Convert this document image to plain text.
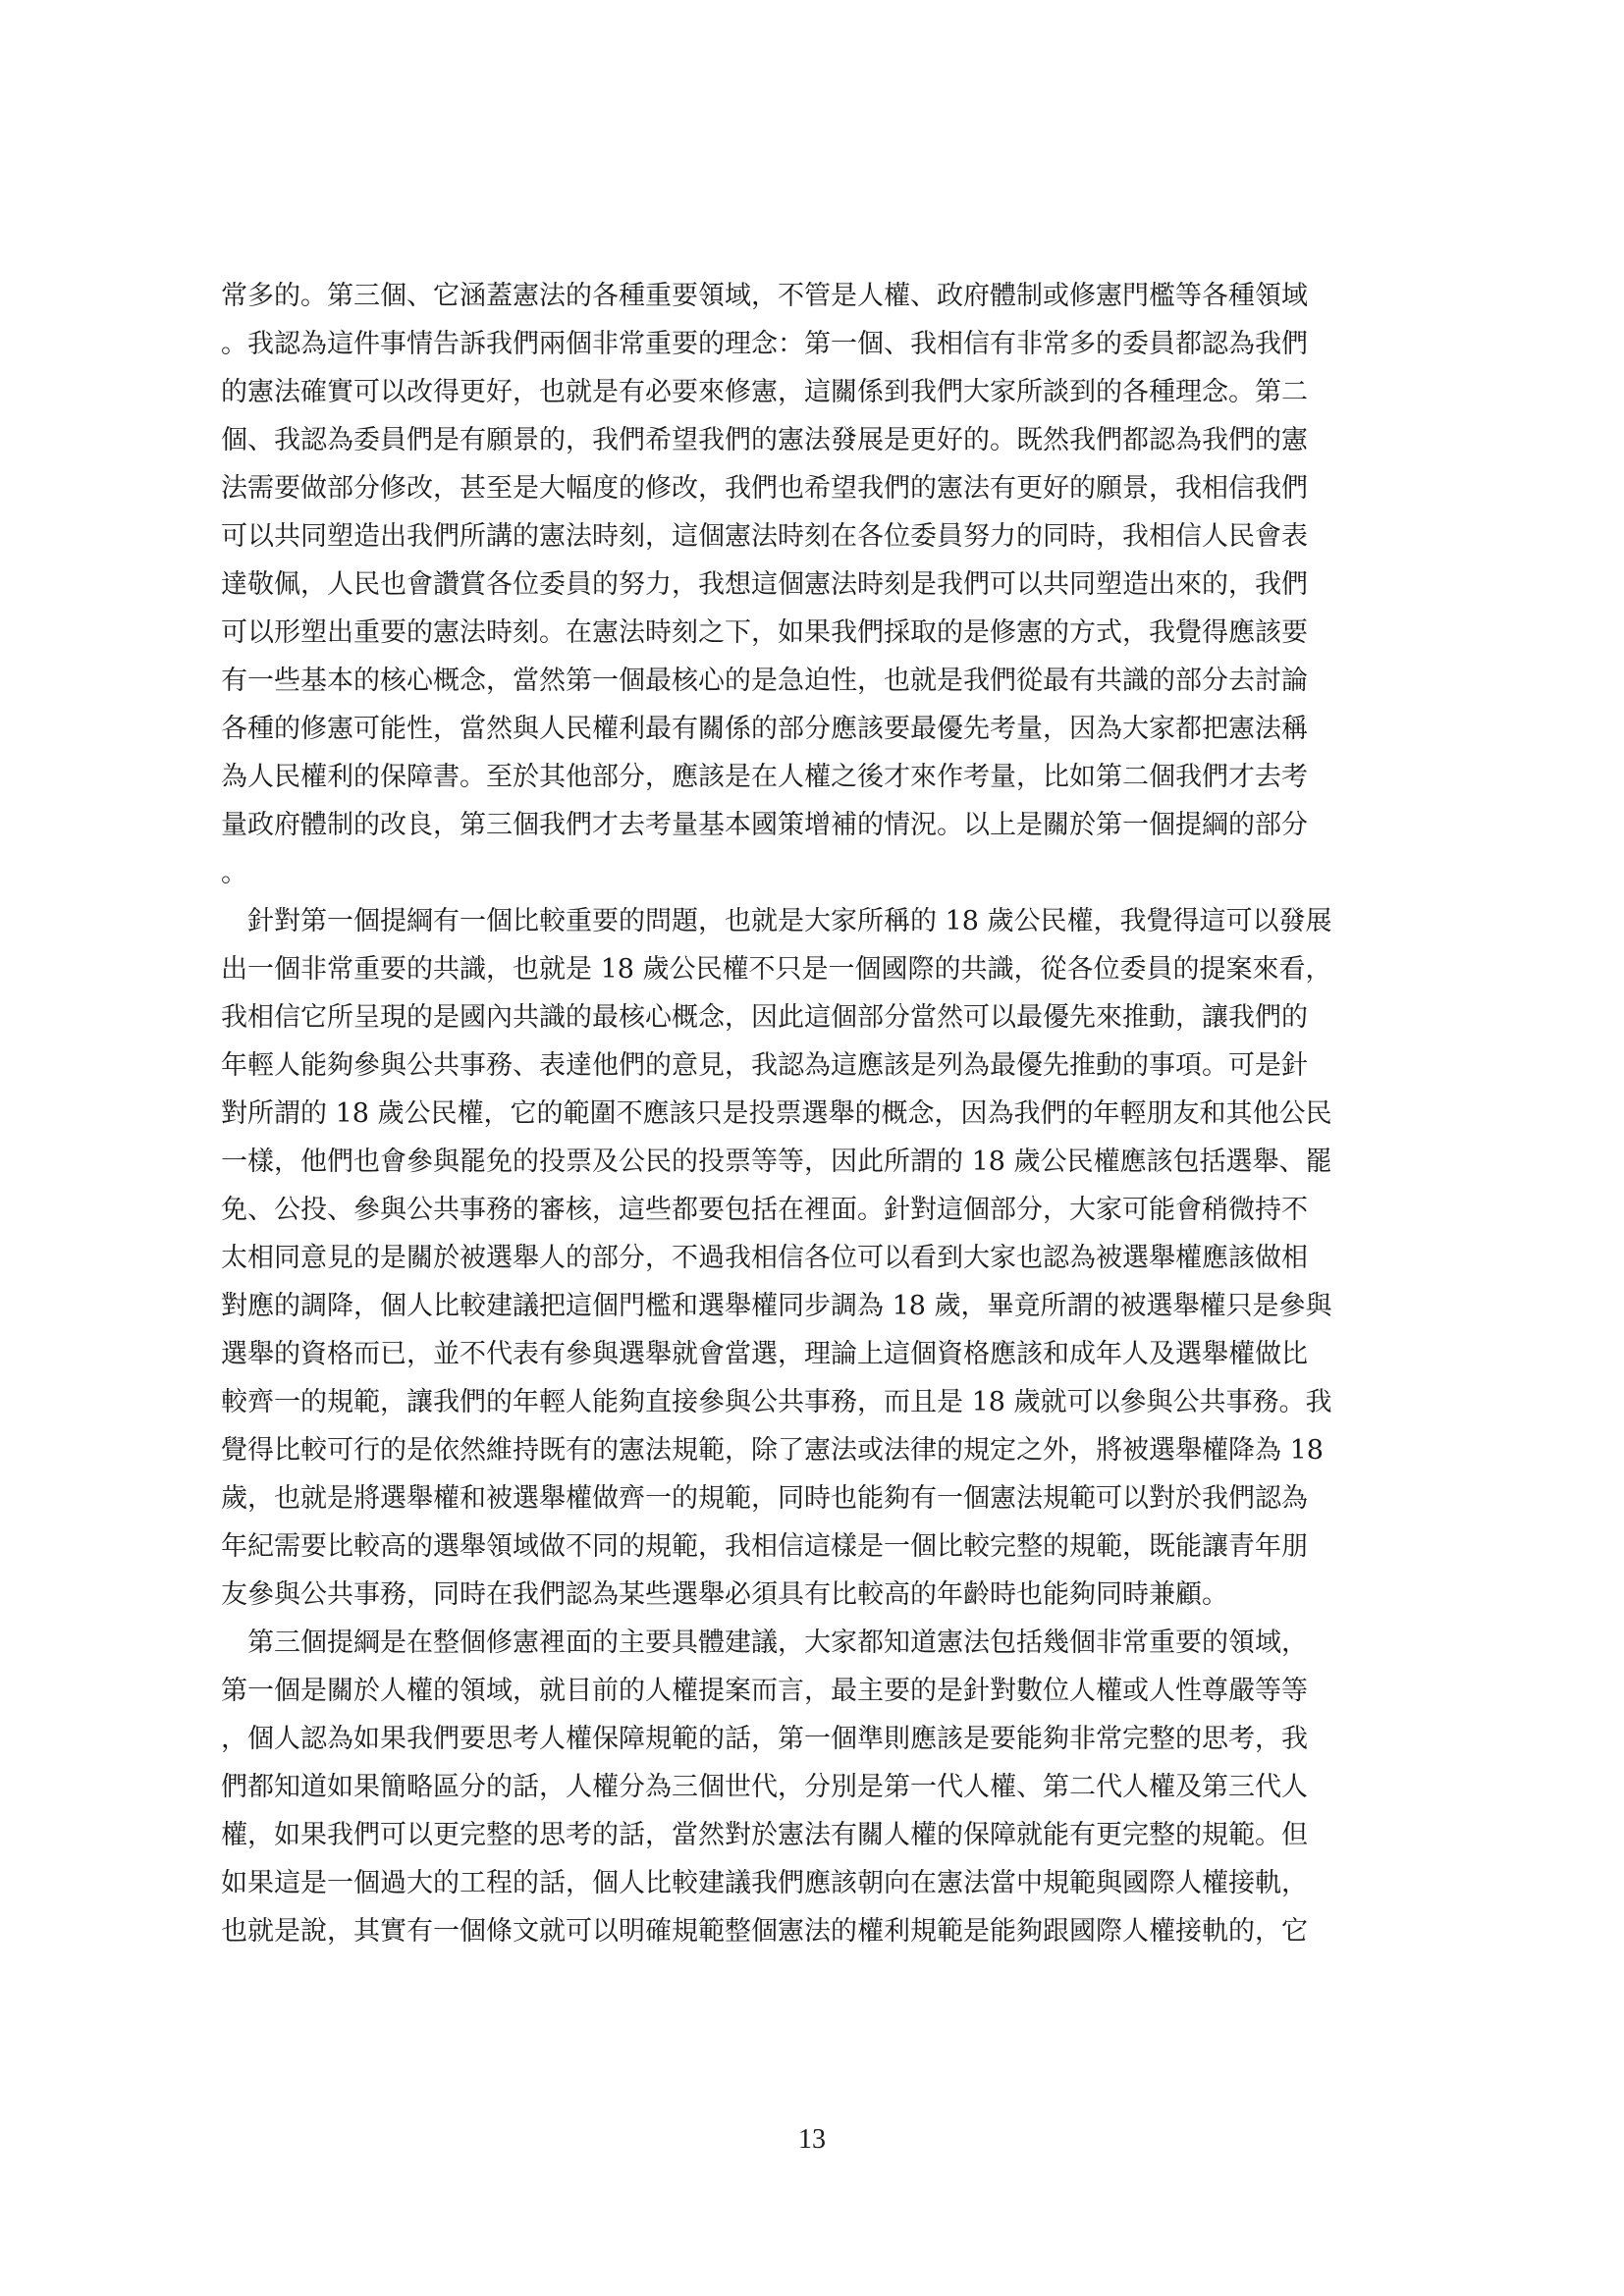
常多的。第三個、它涵蓋憲法的各種重要領域，不管是人權、政府體制或修憲門檻等各種領域
。我認為這件事情告訴我們兩個非常重要的理念：第一個、我相信有非常多的委員都認為我們
的憲法確實可以改得更好，也就是有必要來修憲，這關係到我們大家所談到的各種理念。第二
個、我認為委員們是有願景的，我們希望我們的憲法發展是更好的。既然我們都認為我們的憲
法需要做部分修改，甚至是大幅度的修改，我們也希望我們的憲法有更好的願景，我相信我們
可以共同塑造出我們所講的憲法時刻，這個憲法時刻在各位委員努力的同時，我相信人民會表
達敬佩，人民也會讚賞各位委員的努力，我想這個憲法時刻是我們可以共同塑造出來的，我們
可以形塑出重要的憲法時刻。在憲法時刻之下，如果我們採取的是修憲的方式，我覺得應該要
有一些基本的核心概念，當然第一個最核心的是急迫性，也就是我們從最有共識的部分去討論
各種的修憲可能性，當然與人民權利最有關係的部分應該要最優先考量，因為大家都把憲法稱
為人民權利的保障書。至於其他部分，應該是在人權之後才來作考量，比如第二個我們才去考
量政府體制的改良，第三個我們才去考量基本國策增補的情況。以上是關於第一個提綱的部分
。
　針對第一個提綱有一個比較重要的問題，也就是大家所稱的 18 歲公民權，我覺得這可以發展
出一個非常重要的共識，也就是 18 歲公民權不只是一個國際的共識，從各位委員的提案來看，
我相信它所呈現的是國內共識的最核心概念，因此這個部分當然可以最優先來推動，讓我們的
年輕人能夠參與公共事務、表達他們的意見，我認為這應該是列為最優先推動的事項。可是針
對所謂的 18 歲公民權，它的範圍不應該只是投票選舉的概念，因為我們的年輕朋友和其他公民
一樣，他們也會參與罷免的投票及公民的投票等等，因此所謂的 18 歲公民權應該包括選舉、罷
免、公投、參與公共事務的審核，這些都要包括在裡面。針對這個部分，大家可能會稍微持不
太相同意見的是關於被選舉人的部分，不過我相信各位可以看到大家也認為被選舉權應該做相
對應的調降，個人比較建議把這個門檻和選舉權同步調為 18 歲，畢竟所謂的被選舉權只是參與
選舉的資格而已，並不代表有參與選舉就會當選，理論上這個資格應該和成年人及選舉權做比
較齊一的規範，讓我們的年輕人能夠直接參與公共事務，而且是 18 歲就可以參與公共事務。我
覺得比較可行的是依然維持既有的憲法規範，除了憲法或法律的規定之外，將被選舉權降為 18
歲，也就是將選舉權和被選舉權做齊一的規範，同時也能夠有一個憲法規範可以對於我們認為
年紀需要比較高的選舉領域做不同的規範，我相信這樣是一個比較完整的規範，既能讓青年朋
友參與公共事務，同時在我們認為某些選舉必須具有比較高的年齡時也能夠同時兼顧。
　第三個提綱是在整個修憲裡面的主要具體建議，大家都知道憲法包括幾個非常重要的領域，
第一個是關於人權的領域，就目前的人權提案而言，最主要的是針對數位人權或人性尊嚴等等
，個人認為如果我們要思考人權保障規範的話，第一個準則應該是要能夠非常完整的思考，我
們都知道如果簡略區分的話，人權分為三個世代，分別是第一代人權、第二代人權及第三代人
權，如果我們可以更完整的思考的話，當然對於憲法有關人權的保障就能有更完整的規範。但
如果這是一個過大的工程的話，個人比較建議我們應該朝向在憲法當中規範與國際人權接軌，
也就是說，其實有一個條文就可以明確規範整個憲法的權利規範是能夠跟國際人權接軌的，它
13
